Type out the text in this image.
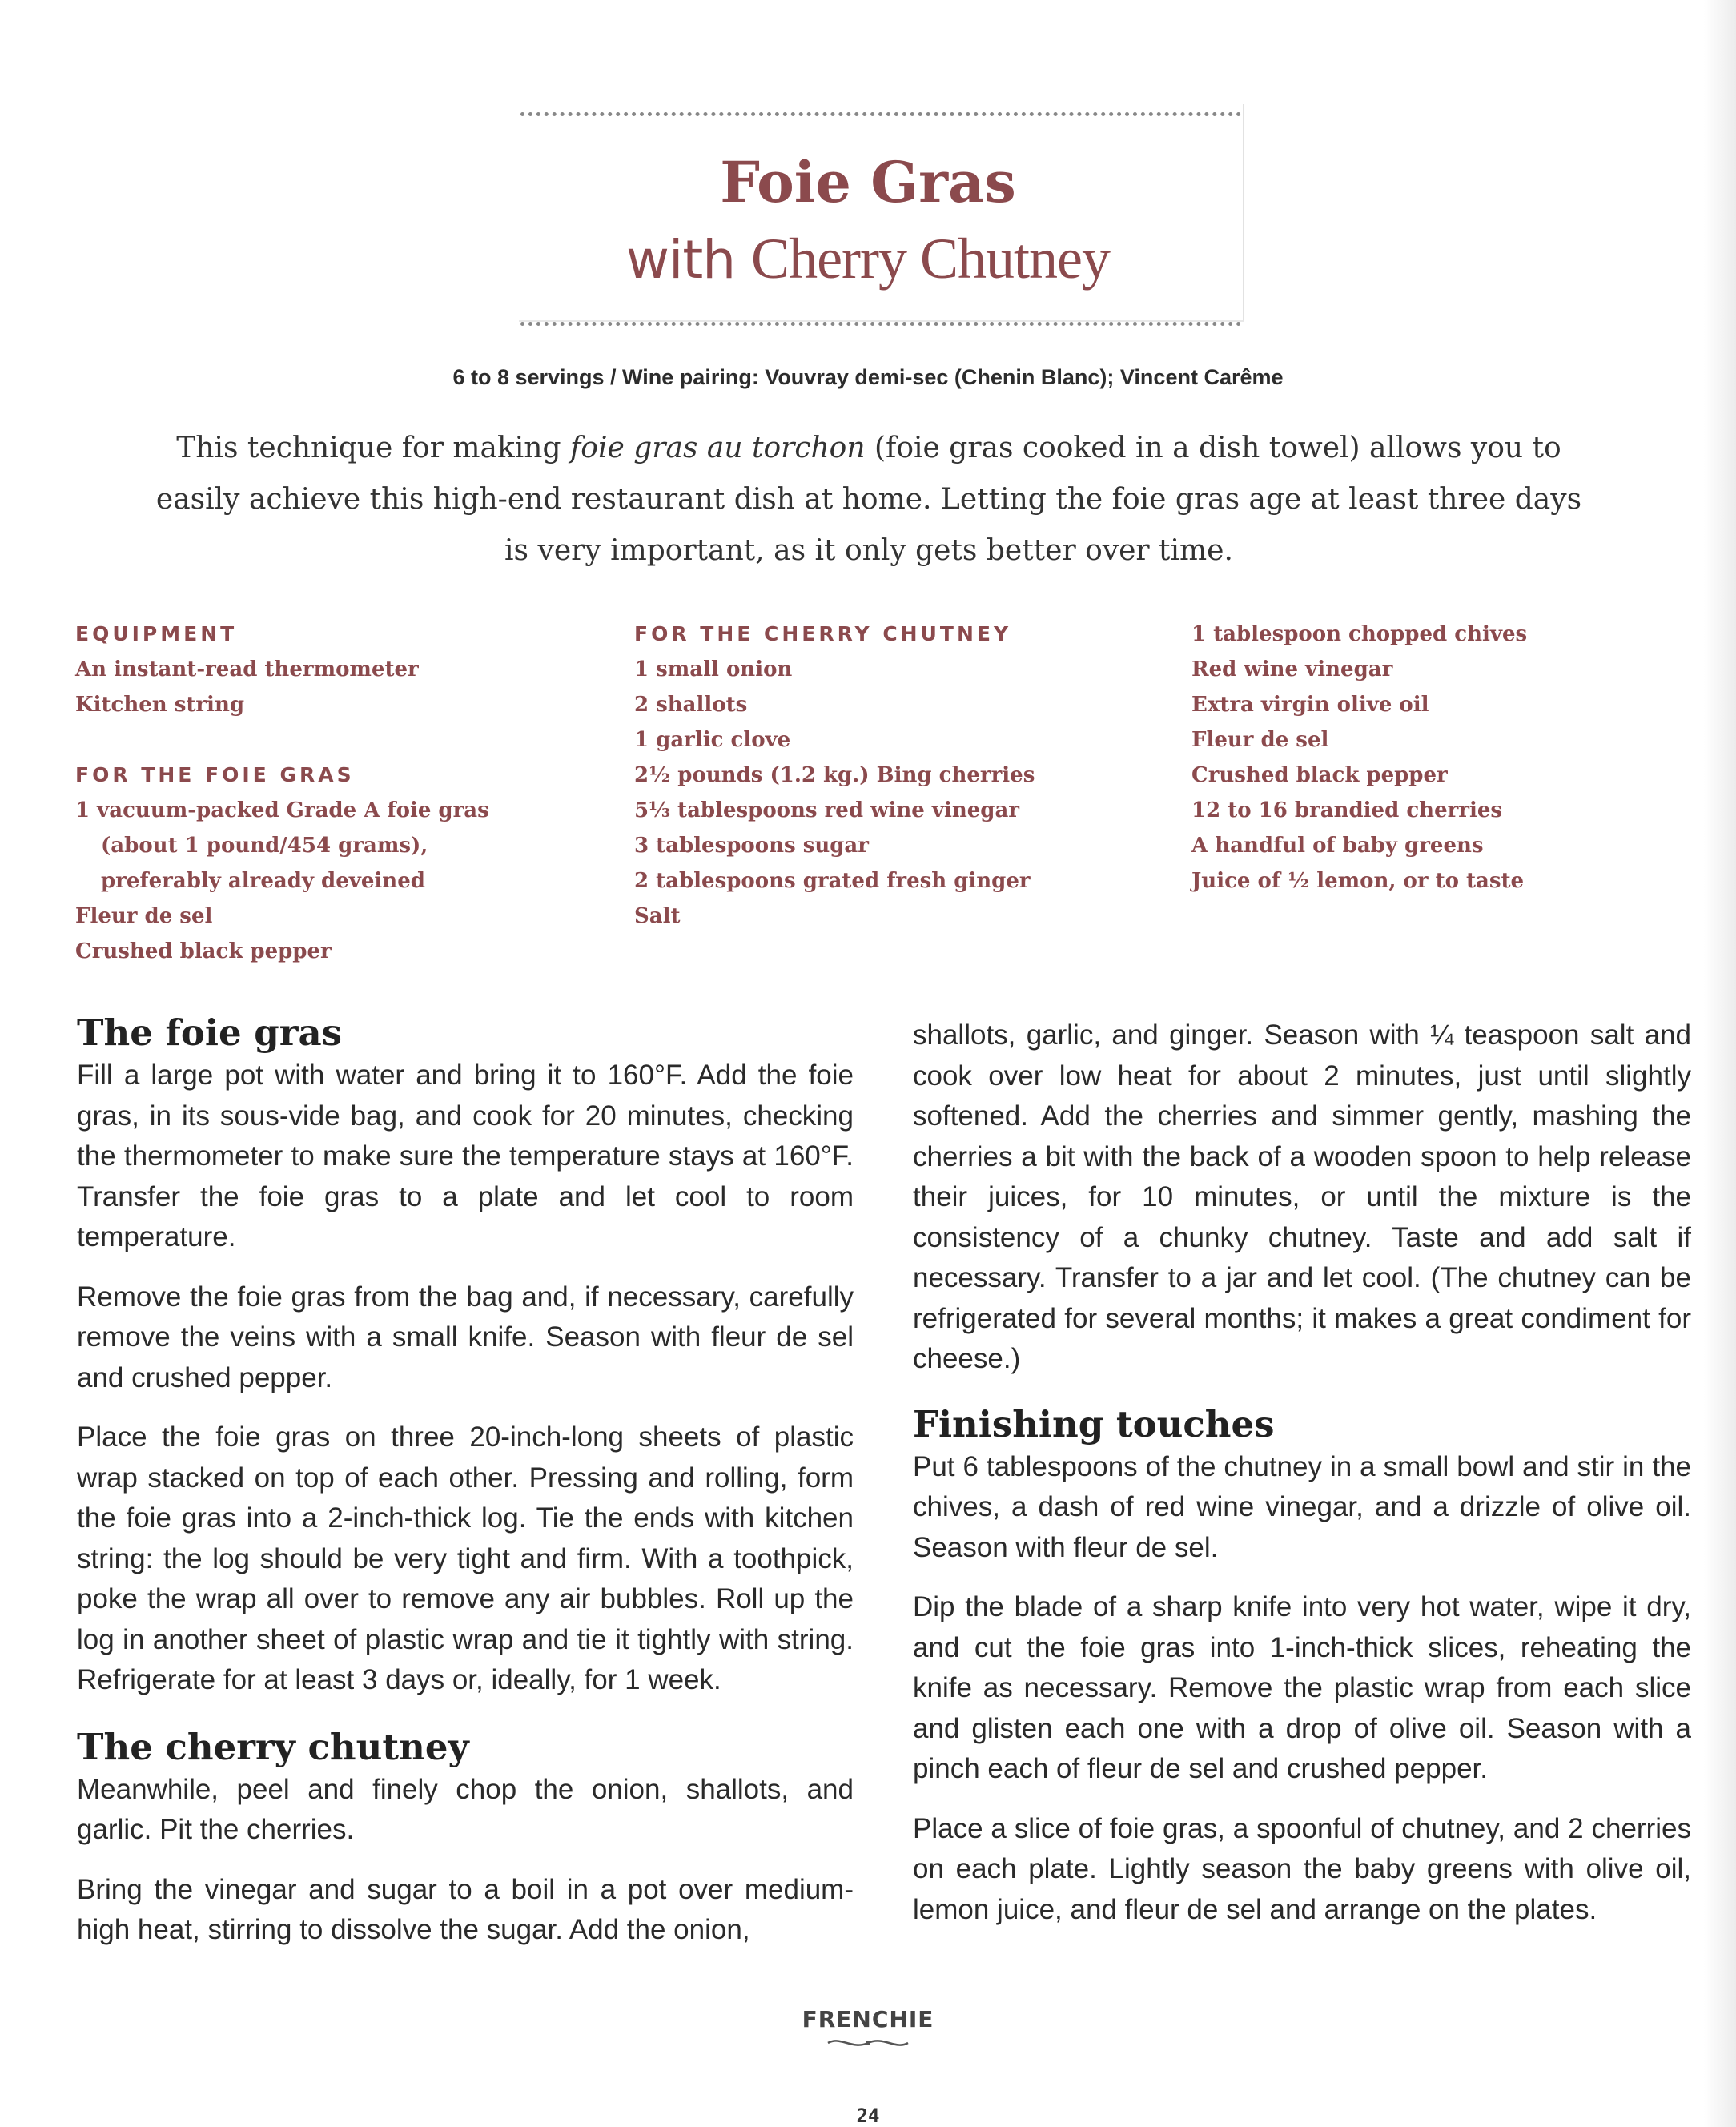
Foie Gras
with Cherry Chutney
6 to 8 servings / Wine pairing: Vouvray demi-sec (Chenin Blanc); Vincent Carême
This technique for making foie gras au torchon (foie gras cooked in a dish towel) allows you to easily achieve this high-end restaurant dish at home. Letting the foie gras age at least three days is very important, as it only gets better over time.
EQUIPMENT
An instant-read thermometer
Kitchen string
FOR THE FOIE GRAS
1 vacuum-packed Grade A foie gras
(about 1 pound/454 grams),
preferably already deveined
Fleur de sel
Crushed black pepper
FOR THE CHERRY CHUTNEY
1 small onion
2 shallots
1 garlic clove
2½ pounds (1.2 kg.) Bing cherries
5⅓ tablespoons red wine vinegar
3 tablespoons sugar
2 tablespoons grated fresh ginger
Salt
1 tablespoon chopped chives
Red wine vinegar
Extra virgin olive oil
Fleur de sel
Crushed black pepper
12 to 16 brandied cherries
A handful of baby greens
Juice of ½ lemon, or to taste
The foie gras

Fill a large pot with water and bring it to 160°F. Add the foie gras, in its sous-vide bag, and cook for 20 minutes, checking the thermometer to make sure the temperature stays at 160°F. Transfer the foie gras to a plate and let cool to room temperature.

Remove the foie gras from the bag and, if necessary, carefully remove the veins with a small knife. Season with fleur de sel and crushed pepper.

Place the foie gras on three 20-inch-long sheets of plastic wrap stacked on top of each other. Pressing and rolling, form the foie gras into a 2-inch-thick log. Tie the ends with kitchen string: the log should be very tight and firm. With a toothpick, poke the wrap all over to remove any air bubbles. Roll up the log in another sheet of plastic wrap and tie it tightly with string. Refrigerate for at least 3 days or, ideally, for 1 week.

The cherry chutney

Meanwhile, peel and finely chop the onion, shallots, and garlic. Pit the cherries.

Bring the vinegar and sugar to a boil in a pot over medium-high heat, stirring to dissolve the sugar. Add the onion,

shallots, garlic, and ginger. Season with ¼ teaspoon salt and cook over low heat for about 2 minutes, just until slightly softened. Add the cherries and simmer gently, mashing the cherries a bit with the back of a wooden spoon to help release their juices, for 10 minutes, or until the mixture is the consistency of a chunky chutney. Taste and add salt if necessary. Transfer to a jar and let cool. (The chutney can be refrigerated for several months; it makes a great condiment for cheese.)

Finishing touches

Put 6 tablespoons of the chutney in a small bowl and stir in the chives, a dash of red wine vinegar, and a drizzle of olive oil. Season with fleur de sel.

Dip the blade of a sharp knife into very hot water, wipe it dry, and cut the foie gras into 1-inch-thick slices, reheating the knife as necessary. Remove the plastic wrap from each slice and glisten each one with a drop of olive oil. Season with a pinch each of fleur de sel and crushed pepper.

Place a slice of foie gras, a spoonful of chutney, and 2 cherries on each plate. Lightly season the baby greens with olive oil, lemon juice, and fleur de sel and arrange on the plates.

FRENCHIE
24
